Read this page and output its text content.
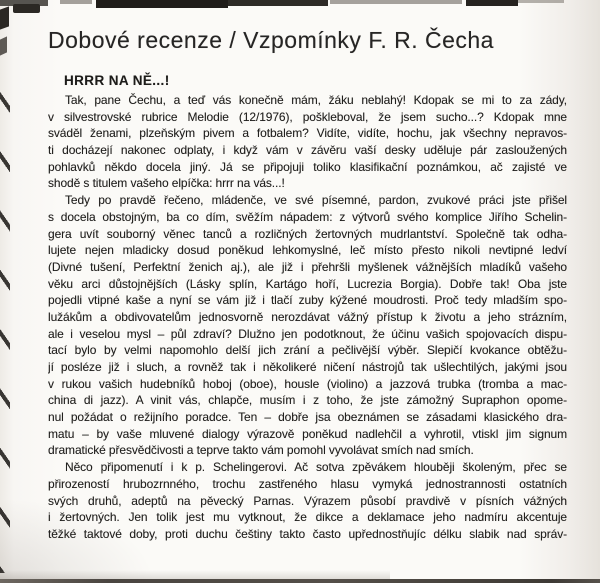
Dobové recenze / Vzpomínky F. R. Čecha
HRRR NA NĚ...!
Tak, pane Čechu, a teď vás konečně mám, žáku neblahý! Kdopak se mi to za zády,
v silvestrovské rubrice Melodie (12/1976), poškleboval, že jsem sucho...? Kdopak mne
sváděl ženami, plzeňským pivem a fotbalem? Vidíte, vidíte, hochu, jak všechny nepravos-
ti docházejí nakonec odplaty, i když vám v závěru vaší desky uděluje pár zasloužených
pohlavků někdo docela jiný. Já se připojuji toliko klasifikační poznámkou, ač zajisté ve
shodě s titulem vašeho elpíčka: hrrr na vás...!
Tedy po pravdě řečeno, mládenče, ve své písemné, pardon, zvukové práci jste přišel
s docela obstojným, ba co dím, svěžím nápadem: z výtvorů svého komplice Jiřího Schelin-
gera uvít souborný věnec tanců a rozličných žertovných mudrlantství. Společně tak odha-
lujete nejen mladicky dosud poněkud lehkomyslné, leč místo přesto nikoli nevtipné ledví
(Divné tušení, Perfektní ženich aj.), ale již i přehršli myšlenek vážnějších mladíků vašeho
věku arci důstojnějších (Lásky splín, Kartágo hoří, Lucrezia Borgia). Dobře tak! Oba jste
pojedli vtipné kaše a nyní se vám již i tlačí zuby kýžené moudrosti. Proč tedy mladším spo-
lužákům a obdivovatelům jednosvorně nerozdávat vážný přístup k životu a jeho strázním,
ale i veselou mysl – půl zdraví? Dlužno jen podotknout, že účinu vašich spojovacích dispu-
tací bylo by velmi napomohlo delší jich zrání a pečlivější výběr. Slepičí kvokance obtěžu-
jí posléze již i sluch, a rovněž tak i několikeré ničení nástrojů tak ušlechtilých, jakými jsou
v rukou vašich hudebníků hoboj (oboe), housle (violino) a jazzová trubka (tromba a mac-
china di jazz). A vinit vás, chlapče, musím i z toho, že jste zámožný Supraphon opome-
nul požádat o režijního poradce. Ten – dobře jsa obeznámen se zásadami klasického dra-
matu – by vaše mluvené dialogy výrazově poněkud nadlehčil a vyhrotil, vtiskl jim signum
dramatické přesvědčivosti a teprve takto vám pomohl vyvolávat smích nad smích.
Něco připomenutí i k p. Schelingerovi. Ač sotva zpěvákem hlouběji školeným, přec se
přirozeností hrubozrnného, trochu zastřeného hlasu vymyká jednostrannosti ostatních
svých druhů, adeptů na pěvecký Parnas. Výrazem působí pravdivě v písních vážných
i žertovných. Jen tolik jest mu vytknout, že dikce a deklamace jeho nadmíru akcentuje
těžké taktové doby, proti duchu češtiny takto často upřednostňujíc délku slabik nad správ-
